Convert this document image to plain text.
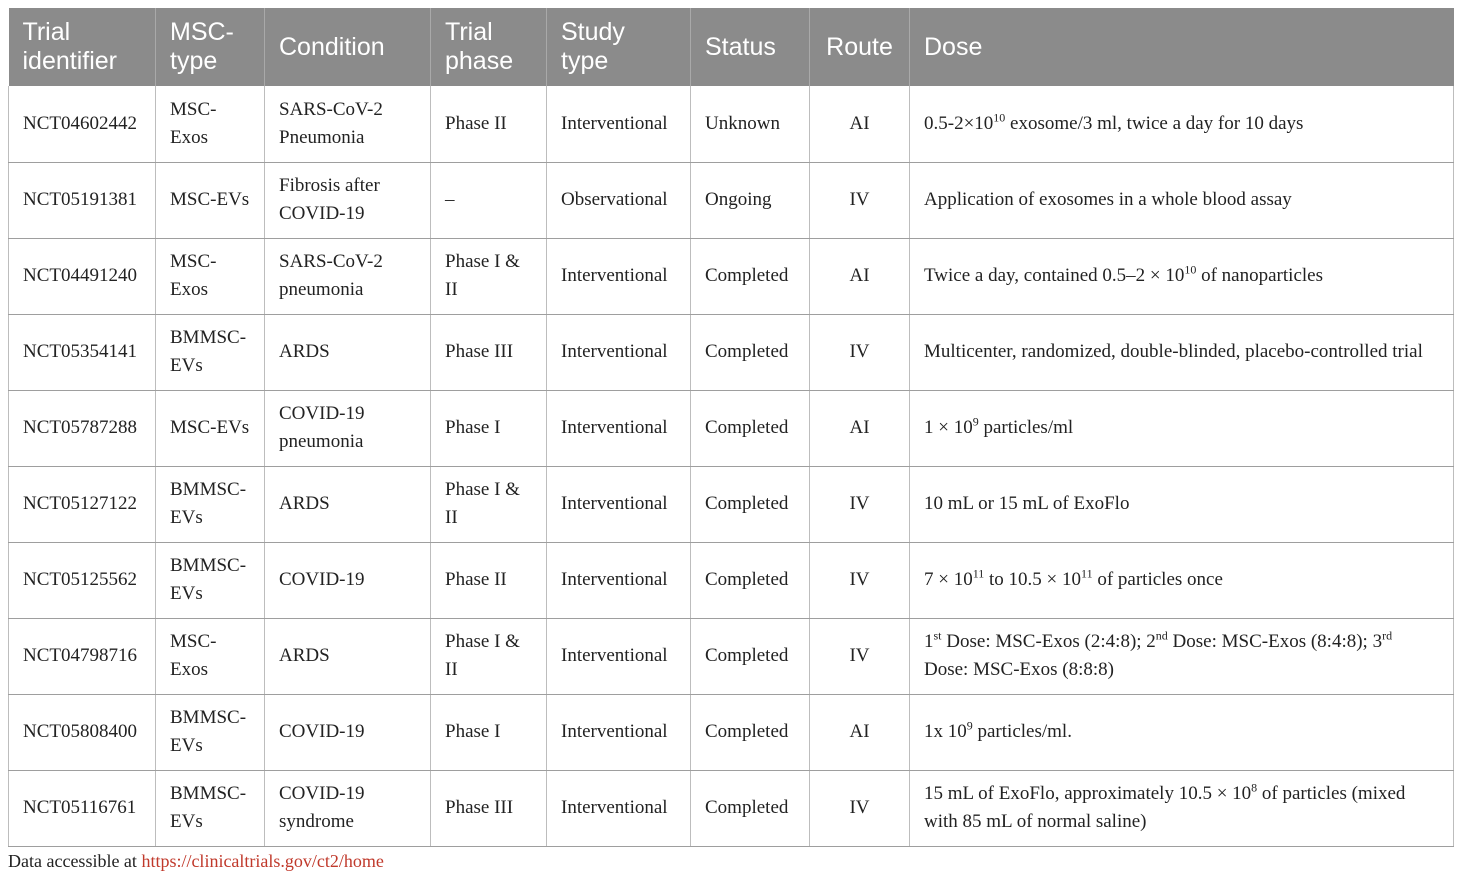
Trial identifier	MSC-type	Condition	Trial phase	Study type	Status	Route	Dose
NCT04602442	MSC-Exos	SARS-CoV-2 Pneumonia	Phase II	Interventional	Unknown	AI	$0.5-2\times 10^{10}$ exosome/3 ml, twice a day for 10 days
NCT05191381	MSC-EVs	Fibrosis after COVID-19	–	Observational	Ongoing	IV	Application of exosomes in a whole blood assay
NCT04491240	MSC-Exos	SARS-CoV-2 pneumonia	Phase I & II	Interventional	Completed	AI	Twice a day, contained $0.5-2 \times 10^{10}$ of nanoparticles
NCT05354141	BMMSC-EVs	ARDS	Phase III	Interventional	Completed	IV	Multicenter, randomized, double-blinded, placebo-controlled trial
NCT05787288	MSC-EVs	COVID-19 pneumonia	Phase I	Interventional	Completed	AI	$1 \times 10^9$ particles/ml
NCT05127122	BMMSC-EVs	ARDS	Phase I & II	Interventional	Completed	IV	10 mL or 15 mL of ExoFlo
NCT05125562	BMMSC-EVs	COVID-19	Phase II	Interventional	Completed	IV	$7 \times 10^{11}$ to $10.5 \times 10^{11}$ of particles once
NCT04798716	MSC-Exos	ARDS	Phase I & II	Interventional	Completed	IV	1st Dose: MSC-Exos (2:4:8); 2nd Dose: MSC-Exos (8:4:8); 3rd Dose: MSC-Exos (8:8:8)
NCT05808400	BMMSC-EVs	COVID-19	Phase I	Interventional	Completed	AI	1x $10^9$ particles/ml.
NCT05116761	BMMSC-EVs	COVID-19 syndrome	Phase III	Interventional	Completed	IV	15 mL of ExoFlo, approximately $10.5 \times 10^8$ of particles (mixed with 85 mL of normal saline)
Data accessible at https://clinicaltrials.gov/ct2/home
